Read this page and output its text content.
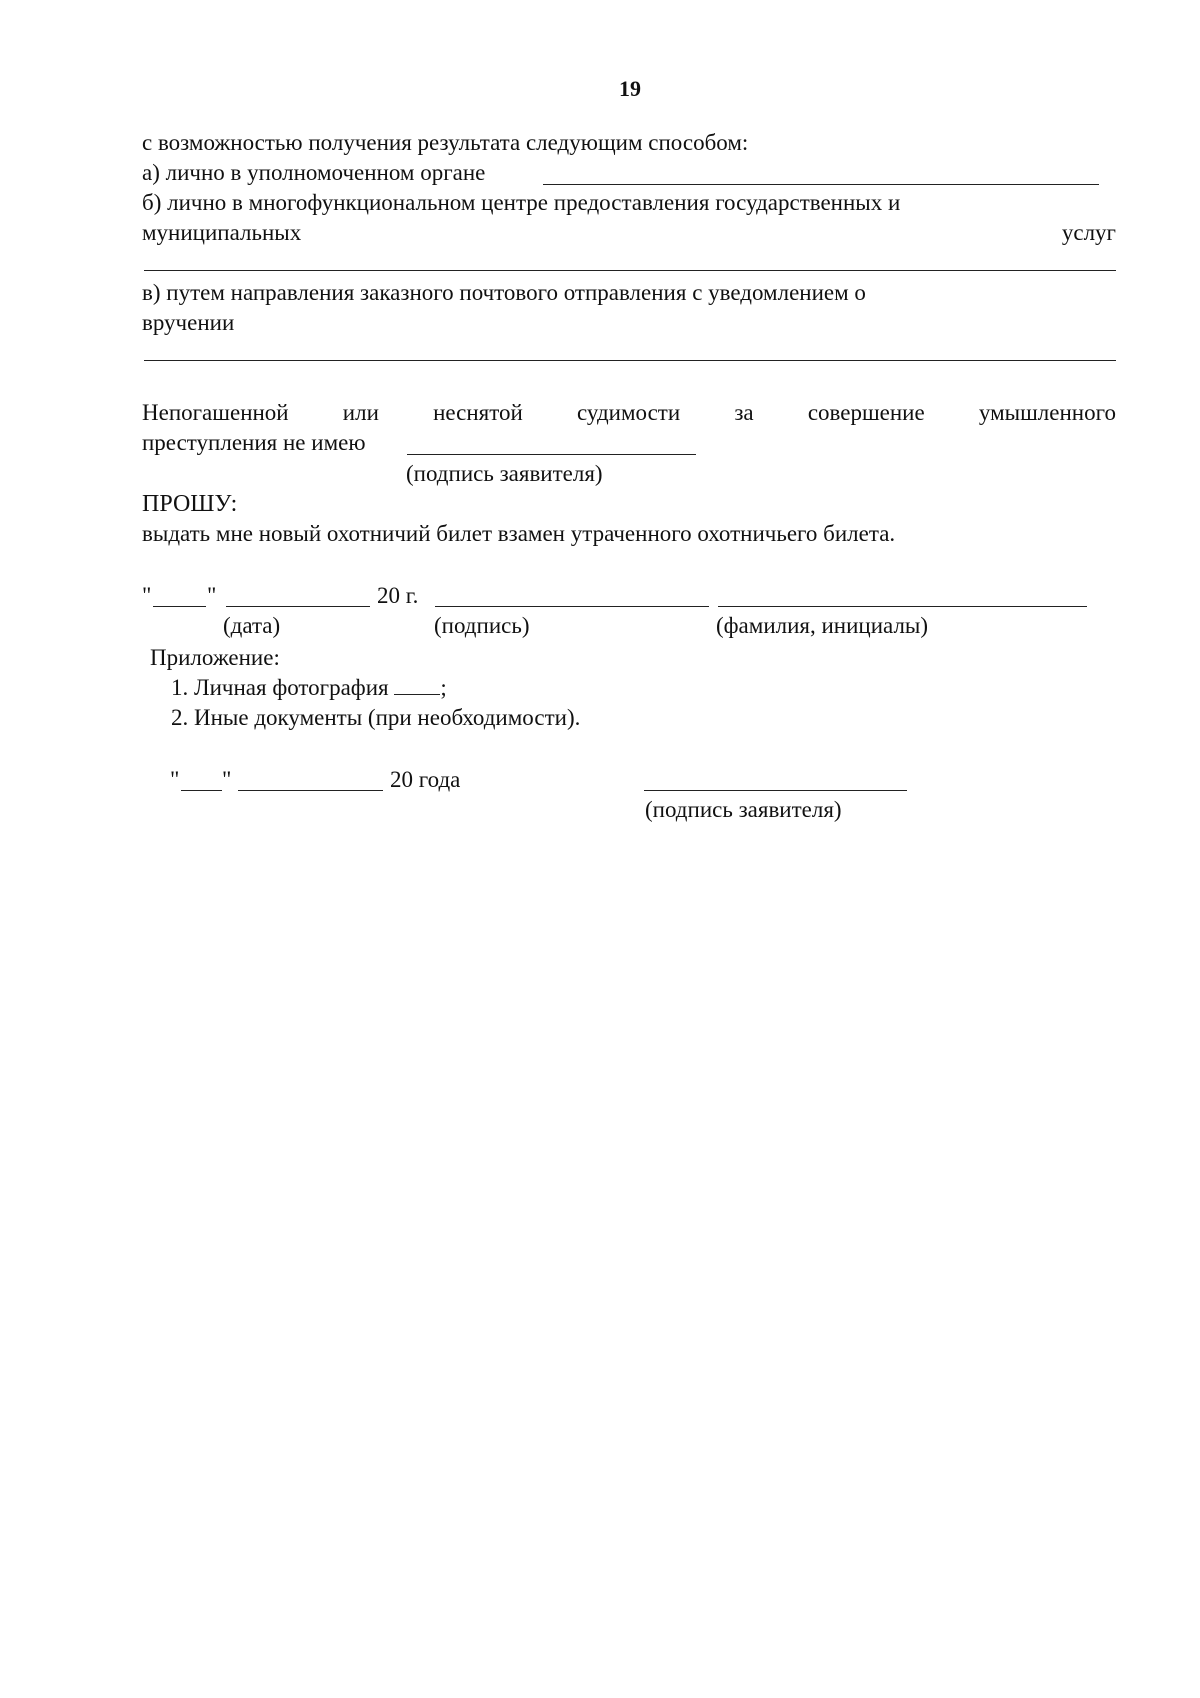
19
с возможностью получения результата следующим способом:
а) лично в уполномоченном органе
б) лично в многофункциональном центре предоставления государственных и
муниципальных	услуг
в) путем направления заказного почтового отправления с уведомлением о
вручении
Непогашенной или неснятой судимости за совершение умышленного
преступления не имею
(подпись заявителя)
ПРОШУ:
выдать мне новый охотничий билет взамен утраченного охотничьего билета.
" "	20 г.
(дата)	(подпись)	(фамилия, инициалы)
Приложение:
1. Личная фотография ;
2. Иные документы (при необходимости).
" "	20 года
(подпись заявителя)
